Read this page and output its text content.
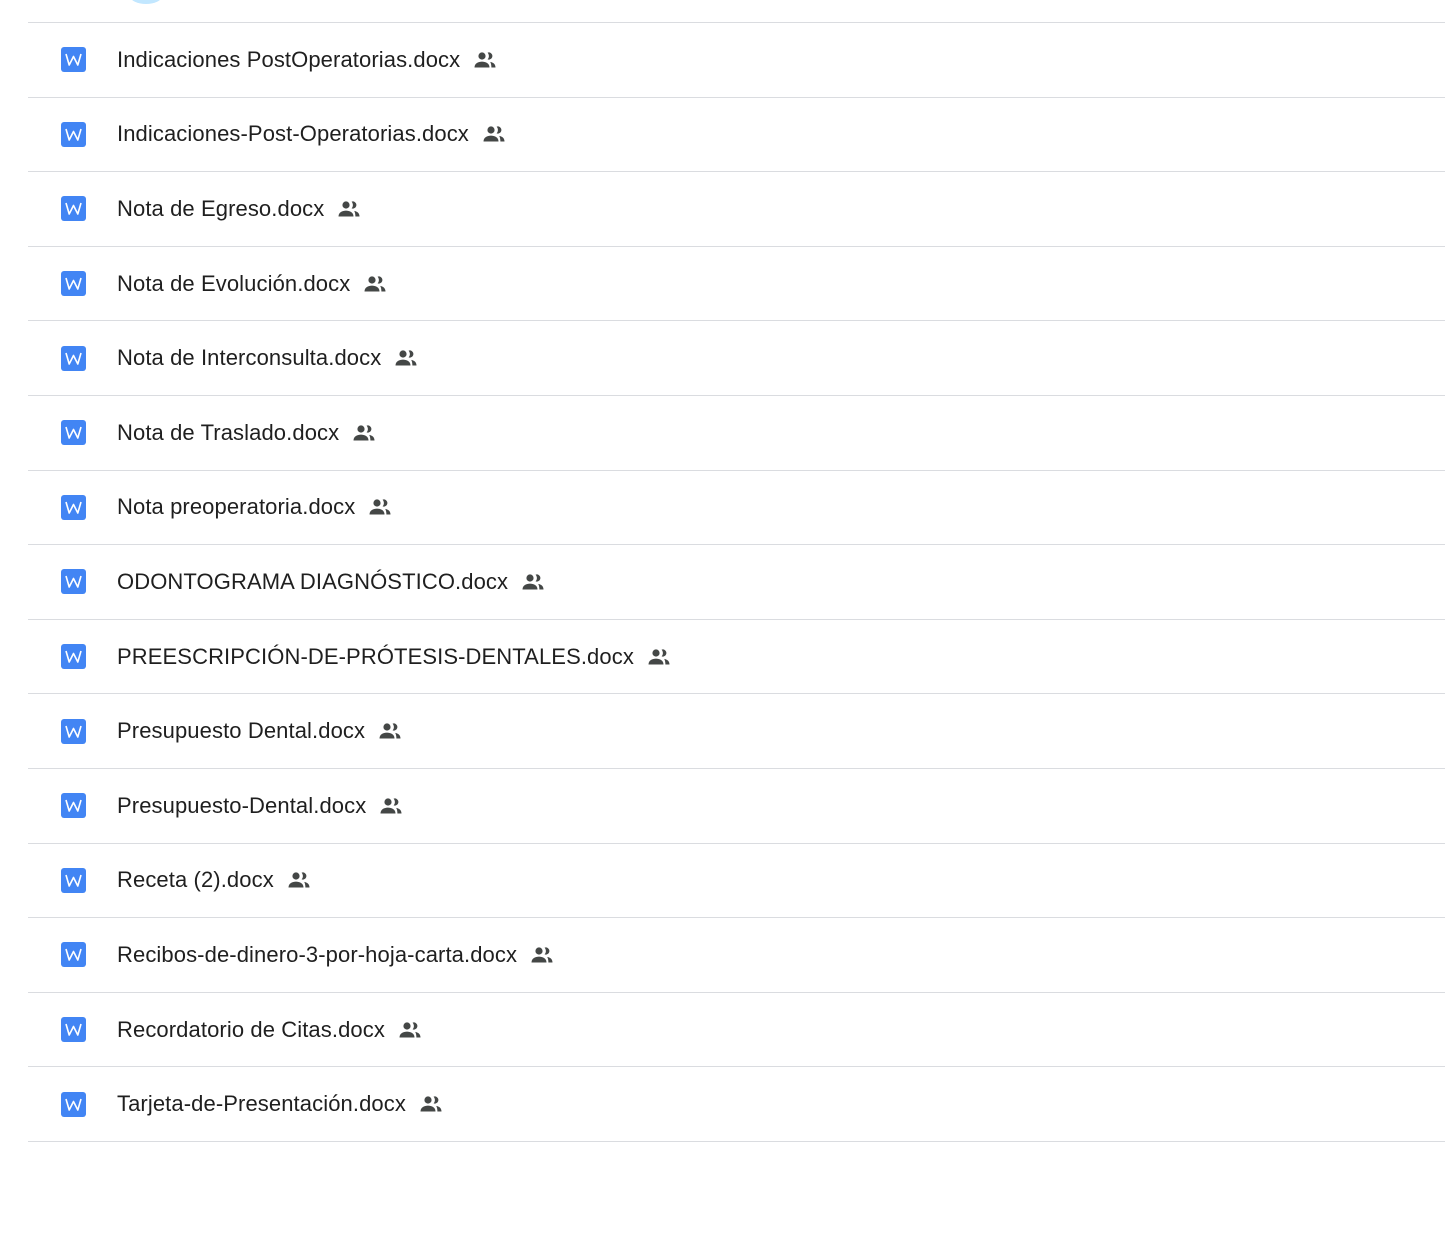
Indicaciones PostOperatorias.docx
Indicaciones-Post-Operatorias.docx
Nota de Egreso.docx
Nota de Evolución.docx
Nota de Interconsulta.docx
Nota de Traslado.docx
Nota preoperatoria.docx
ODONTOGRAMA DIAGNÓSTICO.docx
PREESCRIPCIÓN-DE-PRÓTESIS-DENTALES.docx
Presupuesto Dental.docx
Presupuesto-Dental.docx
Receta (2).docx
Recibos-de-dinero-3-por-hoja-carta.docx
Recordatorio de Citas.docx
Tarjeta-de-Presentación.docx
